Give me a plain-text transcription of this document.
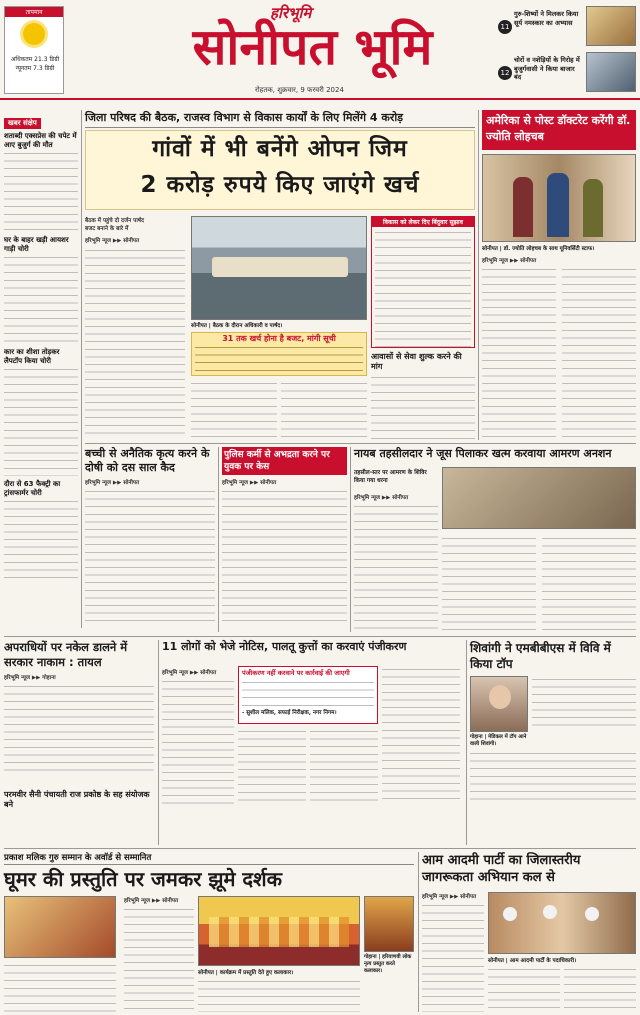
तापमान
अधिकतम 21.3 डिग्री
न्यूनतम 7.3 डिग्री
हरिभूमि
सोनीपत भूमि
रोहतक, शुक्रवार, 9 फरवरी 2024
11
गुरु-शिष्यों ने मिलकर किया सूर्य नमस्कार का अभ्यास
12
चोरों व नशेड़ियों के गिरोह में बुजुर्गवासी ने किया बाजार बंद
खबर संक्षेप
शताब्दी एक्सप्रेस की चपेट में आए बुजुर्ग की मौत
घर के बाहर खड़ी आयशर गाड़ी चोरी
कार का शीशा तोड़कर लैपटॉप किया चोरी
दौरा से 63 फैक्ट्री का ट्रांसफार्मर चोरी
जिला परिषद की बैठक, राजस्व विभाग से विकास कार्यों के लिए मिलेंगे 4 करोड़
गांवों में भी बनेंगे ओपन जिम
2 करोड़ रुपये किए जाएंगे खर्च
बैठक में पहुंचे दो दर्जन पार्षद
बजट बनाने के बारे में
हरिभूमि न्यूज ▶▶ सोनीपत
सोनीपत | बैठक के दौरान अधिकारी व पार्षद।
31 तक खर्च होना है बजट, मांगी सूची
विकास को लेकर दिए बिंदुवार सुझाव
आवासों से सेवा शुल्क करने की मांग
अमेरिका से पोस्ट डॉक्टरेट करेंगी डॉ. ज्योति लोहचब
सोनीपत | डॉ. ज्योति लोहचब के साथ यूनिवर्सिटी स्टाफ।
हरिभूमि न्यूज ▶▶ सोनीपत
बच्ची से अनैतिक कृत्य करने के दोषी को दस साल कैद
हरिभूमि न्यूज ▶▶ सोनीपत
पुलिस कर्मी से अभद्रता करने पर युवक पर केस
हरिभूमि न्यूज ▶▶ सोनीपत
नायब तहसीलदार ने जूस पिलाकर खत्म करवाया आमरण अनशन
तहसील-स्तर पर आमरण के शिविर किया गया धरना
हरिभूमि न्यूज ▶▶ सोनीपत
अपराधियों पर नकेल डालने में सरकार नाकाम : तायल
हरिभूमि न्यूज ▶▶ गोहाना
परमवीर सैनी पंचायती राज प्रकोष्ठ के सह संयोजक बने
11 लोगों को भेजे नोटिस, पालतू कुत्तों का करवाएं पंजीकरण
हरिभूमि न्यूज ▶▶ सोनीपत	पंजीकरण नहीं करवाने पर कार्रवाई की जाएगी
- सुशील मलिक, सफाई निरीक्षक, नगर निगम।
शिवांगी ने एमबीबीएस में विवि में किया टॉप
गोहाना | मेडिकल में टॉप आने वाली शिवांगी।
प्रकाश मलिक गुरु सम्मान के अवॉर्ड से सम्मानित
घूमर की प्रस्तुति पर जमकर झूमे दर्शक
हरिभूमि न्यूज ▶▶ सोनीपत
सोनीपत | कार्यक्रम में प्रस्तुति देते हुए कलाकार।
गोहाना | हरियाणवी लोक नृत्य प्रस्तुत करते कलाकार।
आम आदमी पार्टी का जिलास्तरीय जागरूकता अभियान कल से
हरिभूमि न्यूज ▶▶ सोनीपत
सोनीपत | आम आदमी पार्टी के पदाधिकारी।
